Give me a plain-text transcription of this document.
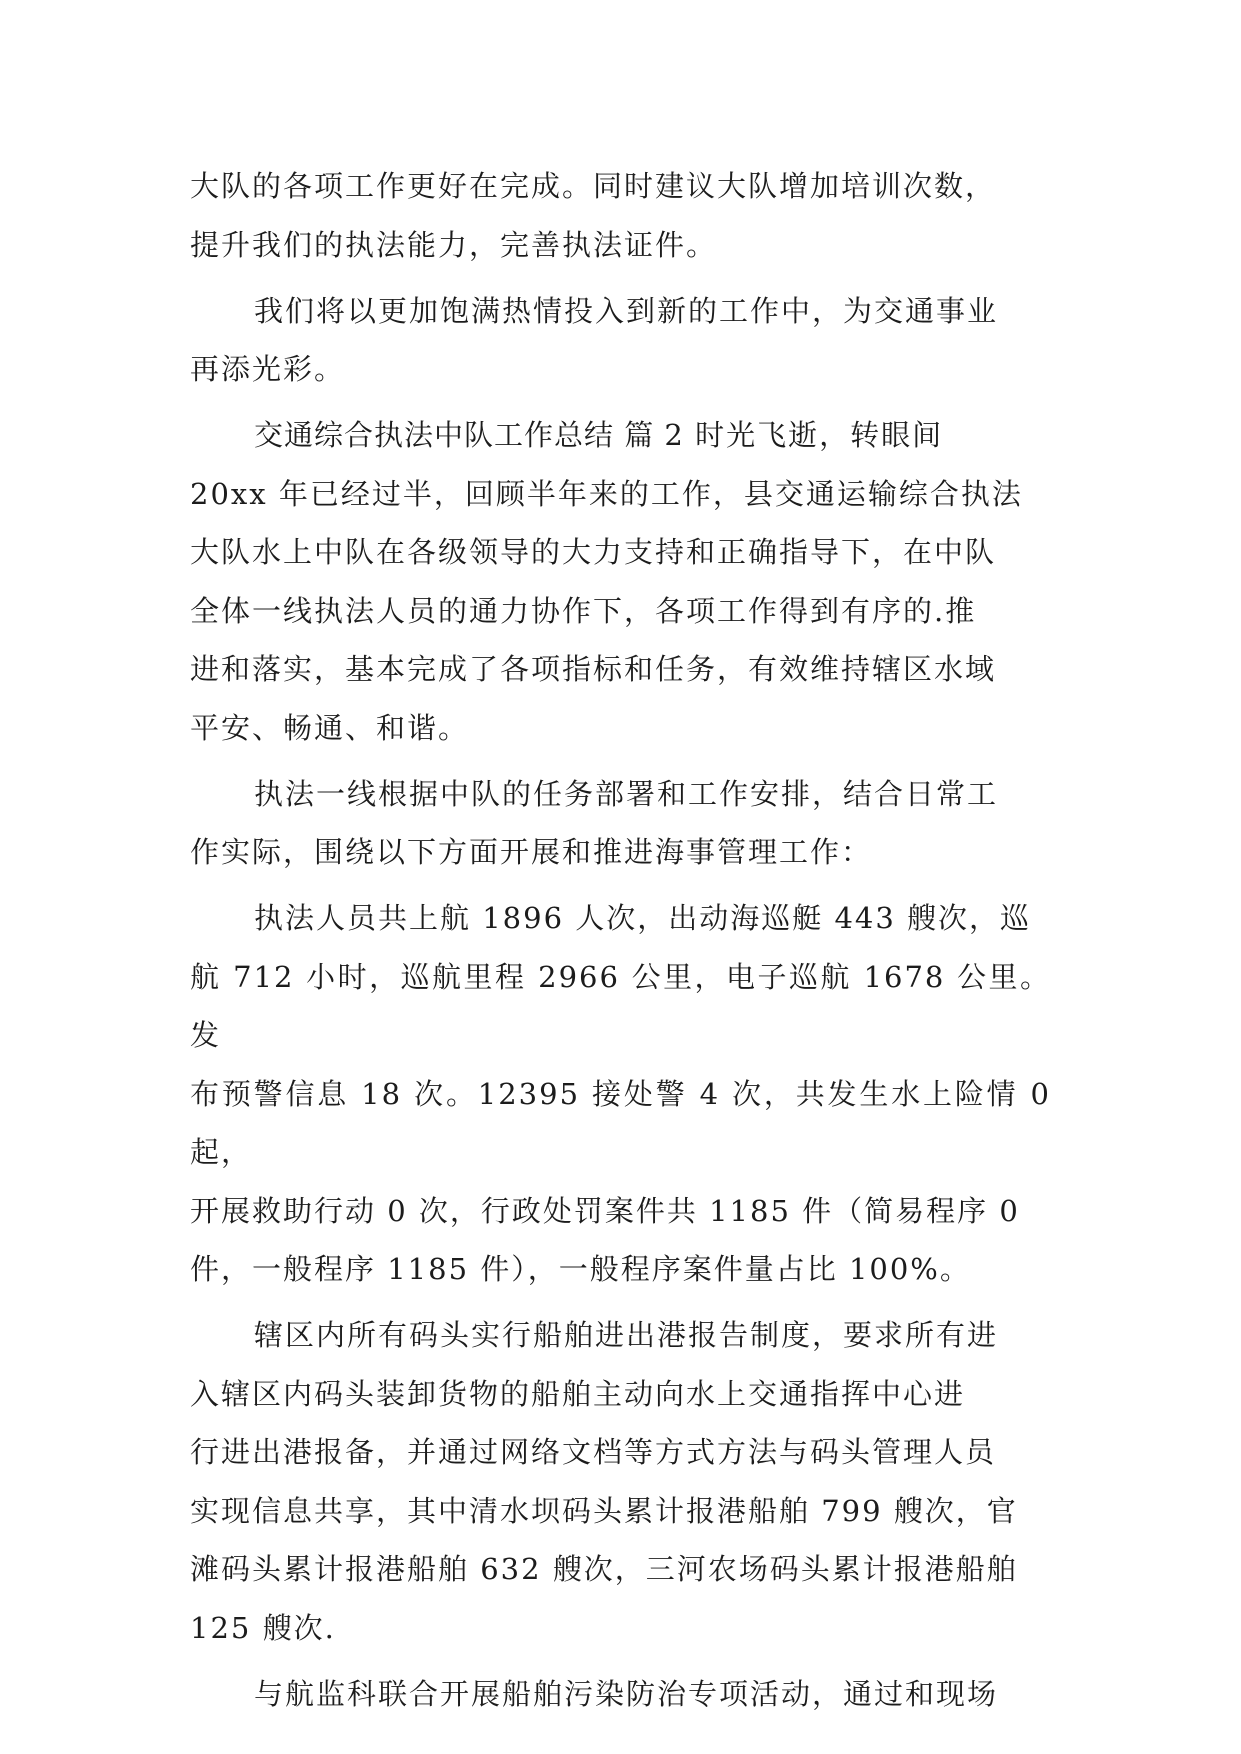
大队的各项工作更好在完成。同时建议大队增加培训次数，
提升我们的执法能力，完善执法证件。

我们将以更加饱满热情投入到新的工作中，为交通事业
再添光彩。

交通综合执法中队工作总结 篇 2 时光飞逝，转眼间
20xx 年已经过半，回顾半年来的工作，县交通运输综合执法
大队水上中队在各级领导的大力支持和正确指导下，在中队
全体一线执法人员的通力协作下，各项工作得到有序的.推
进和落实，基本完成了各项指标和任务，有效维持辖区水域
平安、畅通、和谐。

执法一线根据中队的任务部署和工作安排，结合日常工
作实际，围绕以下方面开展和推进海事管理工作：

执法人员共上航 1896 人次，出动海巡艇 443 艘次，巡
航 712 小时，巡航里程 2966 公里，电子巡航 1678 公里。发
布预警信息 18 次。12395 接处警 4 次，共发生水上险情 0 起，
开展救助行动 0 次，行政处罚案件共 1185 件（简易程序 0
件，一般程序 1185 件），一般程序案件量占比 100%。

辖区内所有码头实行船舶进出港报告制度，要求所有进
入辖区内码头装卸货物的船舶主动向水上交通指挥中心进
行进出港报备，并通过网络文档等方式方法与码头管理人员
实现信息共享，其中清水坝码头累计报港船舶 799 艘次，官
滩码头累计报港船舶 632 艘次，三河农场码头累计报港船舶
125 艘次.

与航监科联合开展船舶污染防治专项活动，通过和现场
